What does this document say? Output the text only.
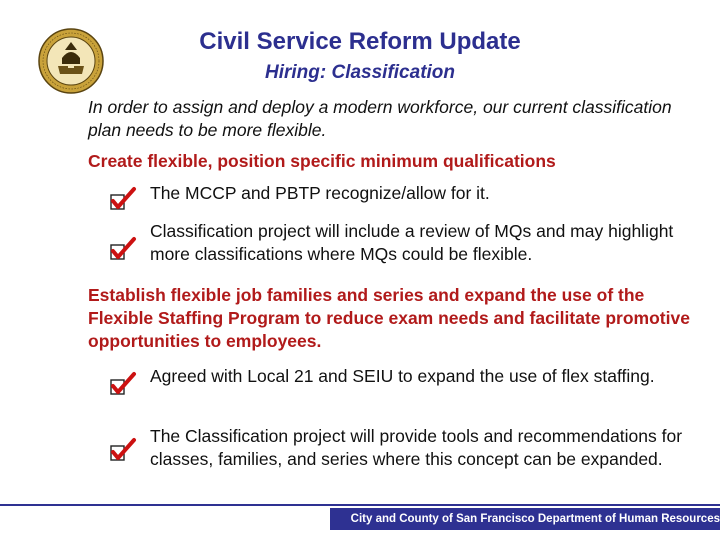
Civil Service Reform Update
Hiring: Classification

In order to assign and deploy a modern workforce, our current classification plan needs to be more flexible.

Create flexible, position specific minimum qualifications

The MCCP and PBTP recognize/allow for it.

Classification project will include a review of MQs and may highlight more classifications where MQs could be flexible.

Establish flexible job families and series and expand the use of the Flexible Staffing Program to reduce exam needs and facilitate promotive opportunities to employees.

Agreed with Local 21 and SEIU to expand the use of flex staffing.

The Classification project will provide tools and recommendations for classes, families, and series where this concept can be expanded.

City and County of San Francisco Department of Human Resources
